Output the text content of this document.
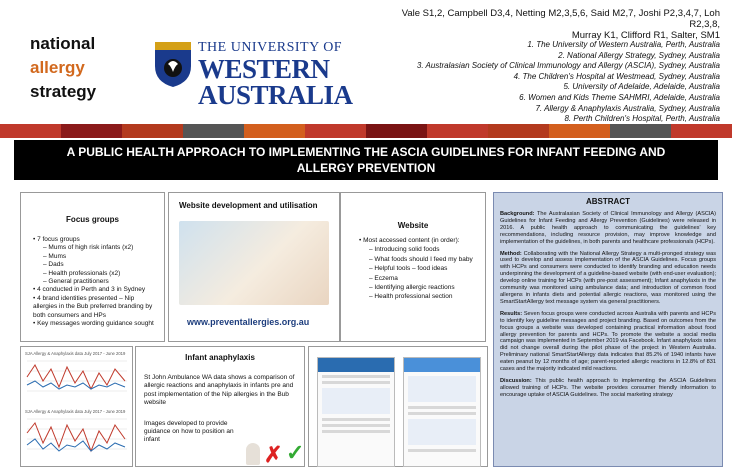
national
allergy
strategy
THE UNIVERSITY OF
WESTERN
AUSTRALIA
Vale S1,2, Campbell D3,4, Netting M2,3,5,6, Said M2,7, Joshi P2,3,4,7, Loh R2,3,8,
Murray K1, Clifford R1, Salter, SM1
1. The University of Western Australia, Perth, Australia
2. National Allergy Strategy, Sydney, Australia
3. Australasian Society of Clinical Immunology and Allergy (ASCIA), Sydney, Australia
4. The Children's Hospital at Westmead, Sydney, Australia
5. University of Adelaide, Adelaide, Australia
6. Women and Kids Theme SAHMRI, Adelaide, Australia
7. Allergy & Anaphylaxis Australia, Sydney, Australia
8. Perth Children's Hospital, Perth, Australia
A PUBLIC HEALTH APPROACH TO IMPLEMENTING THE ASCIA GUIDELINES FOR INFANT FEEDING AND
ALLERGY PREVENTION
Focus groups
• 7 focus groups
– Mums of high risk infants (x2)
– Mums
– Dads
– Health professionals (x2)
– General practitioners
• 4 conducted in Perth and 3 in Sydney
• 4 brand identities presented – Nip allergies in the Bub preferred branding by both consumers and HPs
• Key messages wording guidance sought
Website development and utilisation
www.preventallergies.org.au
Website
• Most accessed content (in order):
– Introducing solid foods
– What foods should I feed my baby
– Helpful tools – food ideas
– Eczema
– Identifying allergic reactions
– Health professional section
ABSTRACT

Background: The Australasian Society of Clinical Immunology and Allergy (ASCIA) Guidelines for Infant Feeding and Allergy Prevention (Guidelines) were released in 2016. A public health approach to communicating the guidelines' key recommendations, including resource provision, may improve knowledge and implementation of the guidelines, in both parents and healthcare professionals (HCPs).

Method: Collaborating with the National Allergy Strategy a multi-pronged strategy was used to develop and assess implementation of the ASCIA Guidelines. Focus groups with HCPs and consumers were conducted to identify branding and education needs underpinning the development of a guideline-based website (with end-user evaluation); develop online training for HCPs (with pre-post assessment); Infant anaphylaxis in the community was monitored using ambulance data; and introduction of common food allergens in infants diets and potential allergic reactions, was monitored using the SmartStartAllergy text message system via general practitioners.

Results: Seven focus groups were conducted across Australia with parents and HCPs to identify key guideline messages and project branding. Based on outcomes from the focus groups a website was developed containing practical information about food allergy prevention for parents and HCPs. To promote the website a social media campaign was implemented in September 2019 via Facebook. Infant anaphylaxis rates did not change overall during the pilot phase of the project in Western Australia. Preliminary national SmartStartAllergy data indicates that 85.2% of 1940 infants have eaten peanut by 12 months of age; parent-reported allergic reactions in 12.8% of 831 cases and the majority indicated mild reactions.

Discussion: This public health approach to implementing the ASCIA Guidelines allowed training of HCPs. The website provides consumer friendly information to encourage uptake of ASCIA Guidelines. The social marketing strategy

SJA Allergy & Anaphylaxis data July 2017 - June 2019
SJA Allergy & Anaphylaxis data July 2017 - June 2019
Infant anaphylaxis

St John Ambulance WA data shows a comparison of allergic reactions and anaphylaxis in infants pre and post implementation of the Nip allergies in the Bub website

Images developed to provide guidance on how to position an infant

✗ ✓
